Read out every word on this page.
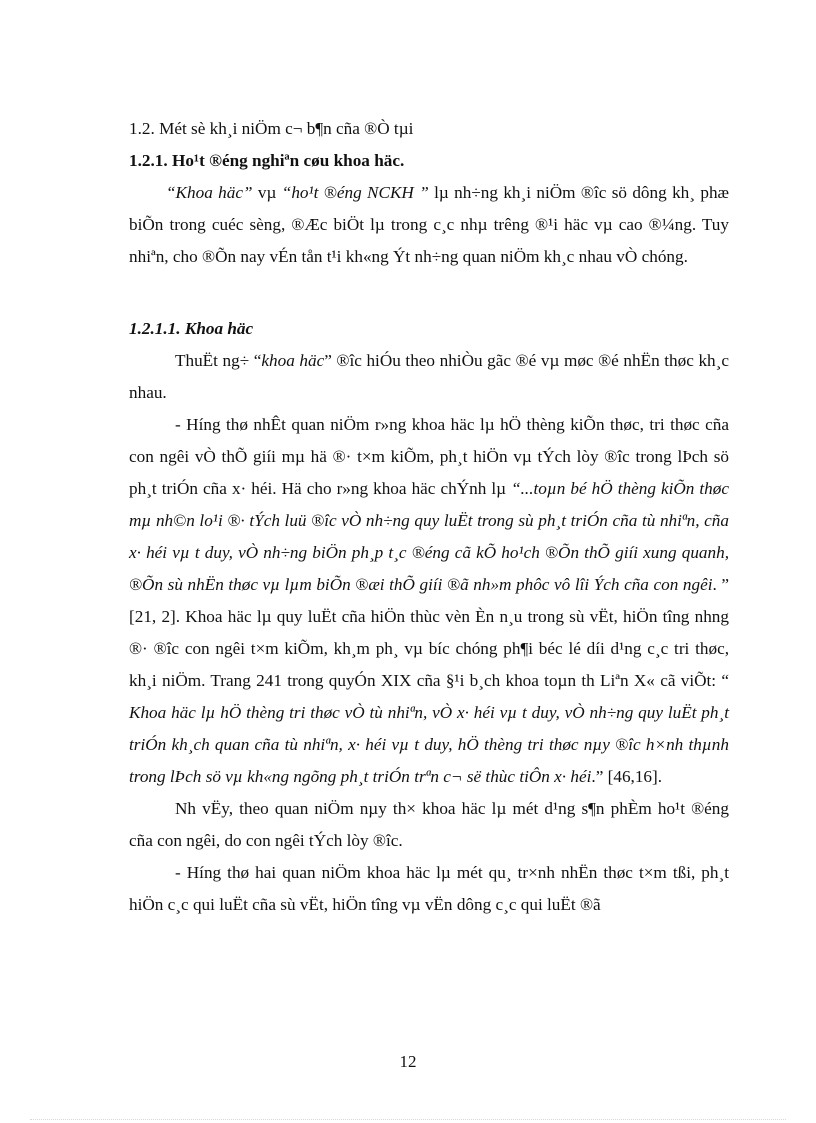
1.2. Mét sè kh¸i niÖm c¬ b¶n cña ®Ò tµi
1.2.1. Ho¹t ®éng nghiªn cøu khoa häc.
“Khoa häc” vµ “ho¹t ®éng NCKH ” lµ nh÷ng kh¸i niÖm ®îc sö dông kh¸ phæ biÕn trong cuéc sèng, ®Æc biÖt lµ trong c¸c nhµ trêng ®¹i häc vµ cao ®¼ng. Tuy nhiªn, cho ®Õn nay vÉn tån t¹i kh«ng Ýt nh÷ng quan niÖm kh¸c nhau vÒ chóng.
1.2.1.1. Khoa häc
ThuËt ng÷ “khoa häc” ®îc hiÓu theo nhiÒu gãc ®é vµ møc ®é nhËn thøc kh¸c nhau.
- Híng thø nhÊt quan niÖm r»ng khoa häc lµ hÖ thèng kiÕn thøc, tri thøc cña con ngêi vÒ thÕ giíi mµ hä ®· t×m kiÕm, ph¸t hiÖn vµ tÝch lòy ®îc trong lÞch sö ph¸t triÓn cña x· héi. Hä cho r»ng khoa häc chÝnh lµ “...toµn bé hÖ thèng kiÕn thøc mµ nh©n lo¹i ®· tÝch luü ®îc vÒ nh÷ng quy luËt trong sù ph¸t triÓn cña tù nhiªn, cña x· héi vµ t duy, vÒ nh÷ng biÖn ph¸p t¸c ®éng cã kÕ ho¹ch ®Õn thÕ giíi xung quanh, ®Õn sù nhËn thøc vµ lµm biÕn ®æi thÕ giíi ®ã nh»m phôc vô lîi Ých cña con ngêi. ” [21, 2]. Khoa häc lµ quy luËt cña hiÖn thùc vèn Èn n¸u trong sù vËt, hiÖn tîng nhng ®· ®îc con ngêi t×m kiÕm, kh¸m ph¸ vµ bíc chóng ph¶i béc lé díi d¹ng c¸c tri thøc, kh¸i niÖm. Trang 241 trong quyÓn XIX cña §¹i b¸ch khoa toµn th Liªn X« cã viÕt: “ Khoa häc lµ hÖ thèng tri thøc vÒ tù nhiªn, vÒ x· héi vµ t duy, vÒ nh÷ng quy luËt ph¸t triÓn kh¸ch quan cña tù nhiªn, x· héi vµ t duy, hÖ thèng tri thøc nµy ®îc h×nh thµnh trong lÞch sö vµ kh«ng ngõng ph¸t triÓn trªn c¬ së thùc tiÔn x· héi.” [46,16].
Nh vËy, theo quan niÖm nµy th× khoa häc lµ mét d¹ng s¶n phÈm ho¹t ®éng cña con ngêi, do con ngêi tÝch lòy ®îc.
- Híng thø hai quan niÖm khoa häc lµ mét qu¸ tr×nh nhËn thøc t×m tßi, ph¸t hiÖn c¸c qui luËt cña sù vËt, hiÖn tîng vµ vËn dông c¸c qui luËt ®ã
12
